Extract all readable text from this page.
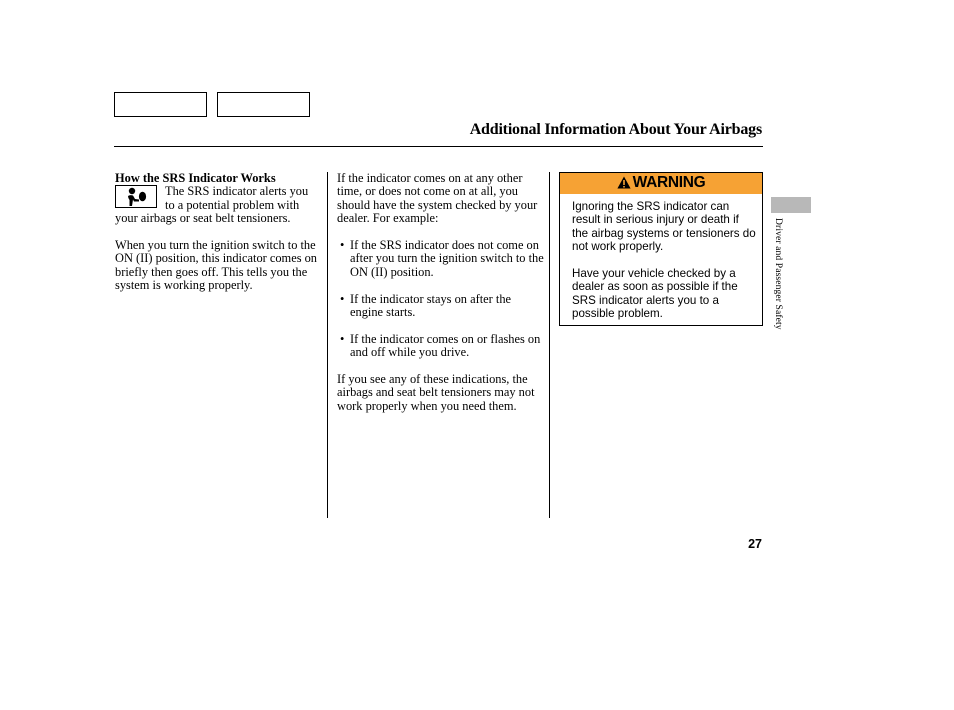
Additional Information About Your Airbags
How the SRS Indicator Works

The SRS indicator alerts you to a potential problem with your airbags or seat belt tensioners.

When you turn the ignition switch to the ON (II) position, this indicator comes on briefly then goes off. This tells you the system is working properly.

If the indicator comes on at any other time, or does not come on at all, you should have the system checked by your dealer. For example:

• If the SRS indicator does not come on after you turn the ignition switch to the ON (II) position.
• If the indicator stays on after the engine starts.
• If the indicator comes on or flashes on and off while you drive.

If you see any of these indications, the airbags and seat belt tensioners may not work properly when you need them.

WARNING

Ignoring the SRS indicator can result in serious injury or death if the airbag systems or tensioners do not work properly.

Have your vehicle checked by a dealer as soon as possible if the SRS indicator alerts you to a possible problem.	Driver and Passenger Safety
27
